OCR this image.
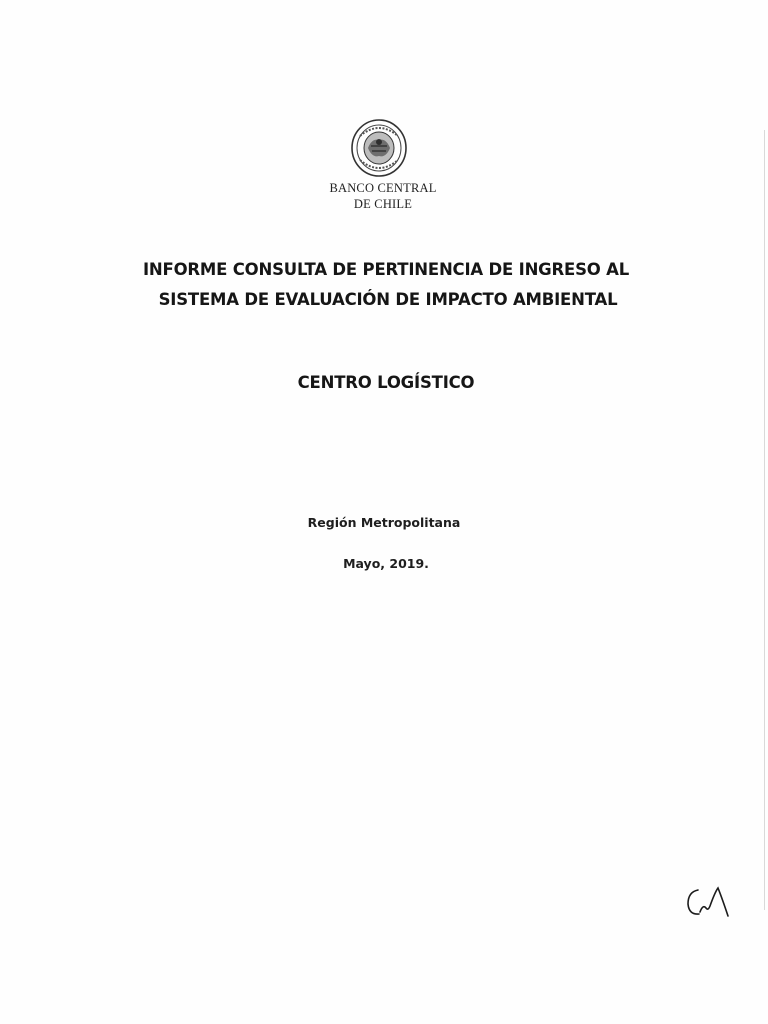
BANCO CENTRAL
DE CHILE
INFORME CONSULTA DE PERTINENCIA DE INGRESO AL
SISTEMA DE EVALUACIÓN DE IMPACTO AMBIENTAL
CENTRO LOGÍSTICO
Región Metropolitana
Mayo, 2019.
